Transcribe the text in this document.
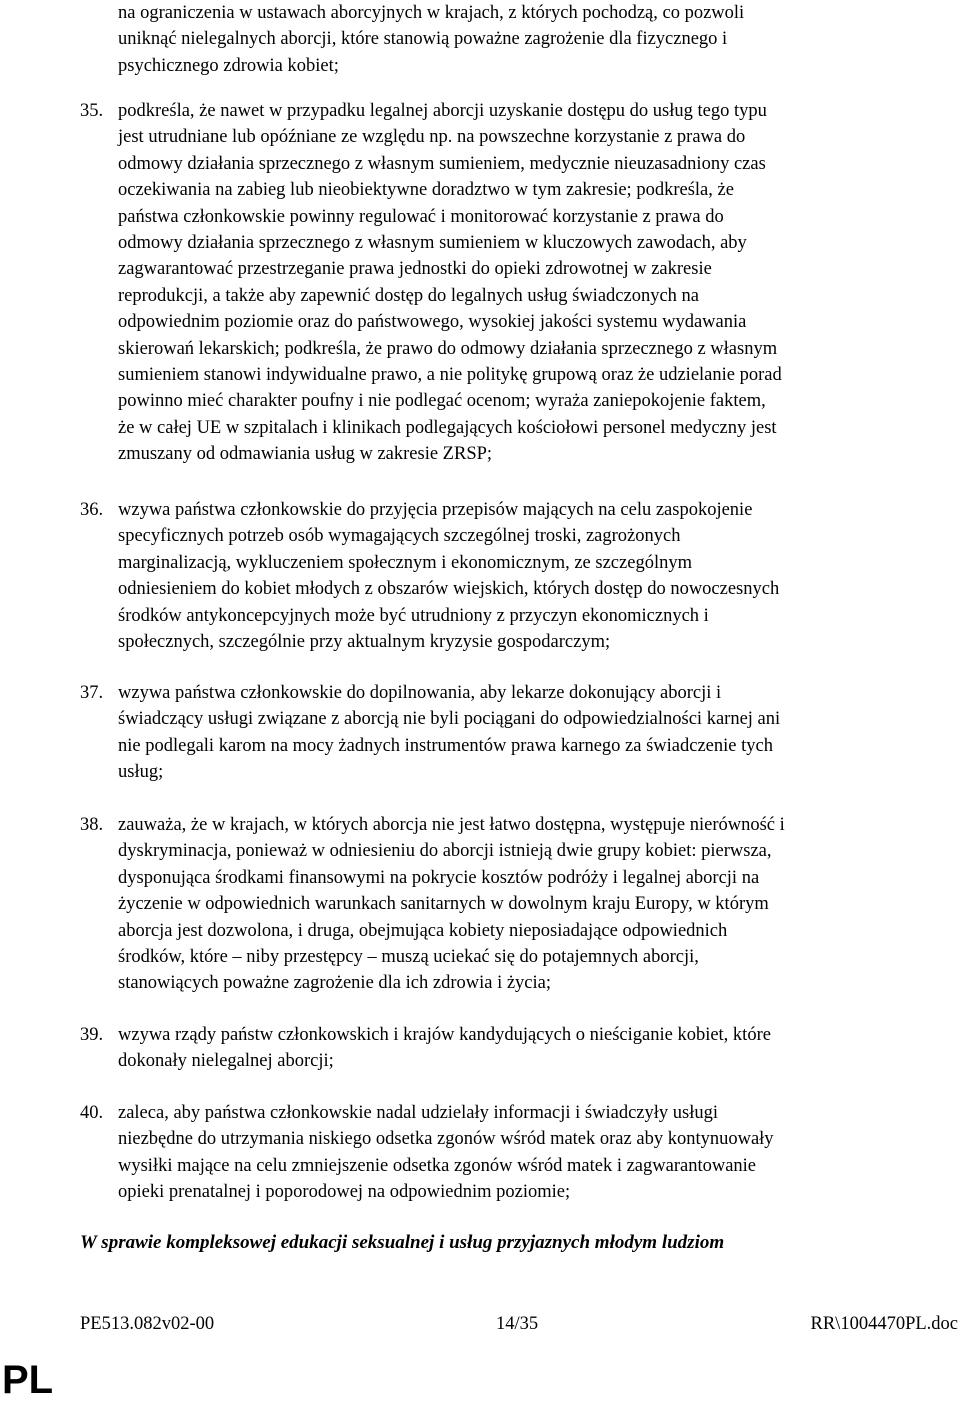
na ograniczenia w ustawach aborcyjnych w krajach, z których pochodzą, co pozwoli
uniknąć nielegalnych aborcji, które stanowią poważne zagrożenie dla fizycznego i
psychicznego zdrowia kobiet;
35. podkreśla, że nawet w przypadku legalnej aborcji uzyskanie dostępu do usług tego typu
jest utrudniane lub opóźniane ze względu np. na powszechne korzystanie z prawa do
odmowy działania sprzecznego z własnym sumieniem, medycznie nieuzasadniony czas
oczekiwania na zabieg lub nieobiektywne doradztwo w tym zakresie; podkreśla, że
państwa członkowskie powinny regulować i monitorować korzystanie z prawa do
odmowy działania sprzecznego z własnym sumieniem w kluczowych zawodach, aby
zagwarantować przestrzeganie prawa jednostki do opieki zdrowotnej w zakresie
reprodukcji, a także aby zapewnić dostęp do legalnych usług świadczonych na
odpowiednim poziomie oraz do państwowego, wysokiej jakości systemu wydawania
skierowań lekarskich; podkreśla, że prawo do odmowy działania sprzecznego z własnym
sumieniem stanowi indywidualne prawo, a nie politykę grupową oraz że udzielanie porad
powinno mieć charakter poufny i nie podlegać ocenom; wyraża zaniepokojenie faktem,
że w całej UE w szpitalach i klinikach podlegających kościołowi personel medyczny jest
zmuszany od odmawiania usług w zakresie ZRSP;
36. wzywa państwa członkowskie do przyjęcia przepisów mających na celu zaspokojenie
specyficznych potrzeb osób wymagających szczególnej troski, zagrożonych
marginalizacją, wykluczeniem społecznym i ekonomicznym, ze szczególnym
odniesieniem do kobiet młodych z obszarów wiejskich, których dostęp do nowoczesnych
środków antykoncepcyjnych może być utrudniony z przyczyn ekonomicznych i
społecznych, szczególnie przy aktualnym kryzysie gospodarczym;
37. wzywa państwa członkowskie do dopilnowania, aby lekarze dokonujący aborcji i
świadczący usługi związane z aborcją nie byli pociągani do odpowiedzialności karnej ani
nie podlegali karom na mocy żadnych instrumentów prawa karnego za świadczenie tych
usług;
38. zauważa, że w krajach, w których aborcja nie jest łatwo dostępna, występuje nierówność i
dyskryminacja, ponieważ w odniesieniu do aborcji istnieją dwie grupy kobiet: pierwsza,
dysponująca środkami finansowymi na pokrycie kosztów podróży i legalnej aborcji na
życzenie w odpowiednich warunkach sanitarnych w dowolnym kraju Europy, w którym
aborcja jest dozwolona, i druga, obejmująca kobiety nieposiadające odpowiednich
środków, które – niby przestępcy – muszą uciekać się do potajemnych aborcji,
stanowiących poważne zagrożenie dla ich zdrowia i życia;
39. wzywa rządy państw członkowskich i krajów kandydujących o nieściganie kobiet, które
dokonały nielegalnej aborcji;
40. zaleca, aby państwa członkowskie nadal udzielały informacji i świadczyły usługi
niezbędne do utrzymania niskiego odsetka zgonów wśród matek oraz aby kontynuowały
wysiłki mające na celu zmniejszenie odsetka zgonów wśród matek i zagwarantowanie
opieki prenatalnej i poporodowej na odpowiednim poziomie;
W sprawie kompleksowej edukacji seksualnej i usług przyjaznych młodym ludziom
PE513.082v02-00	14/35	RR\1004470PL.doc
PL
